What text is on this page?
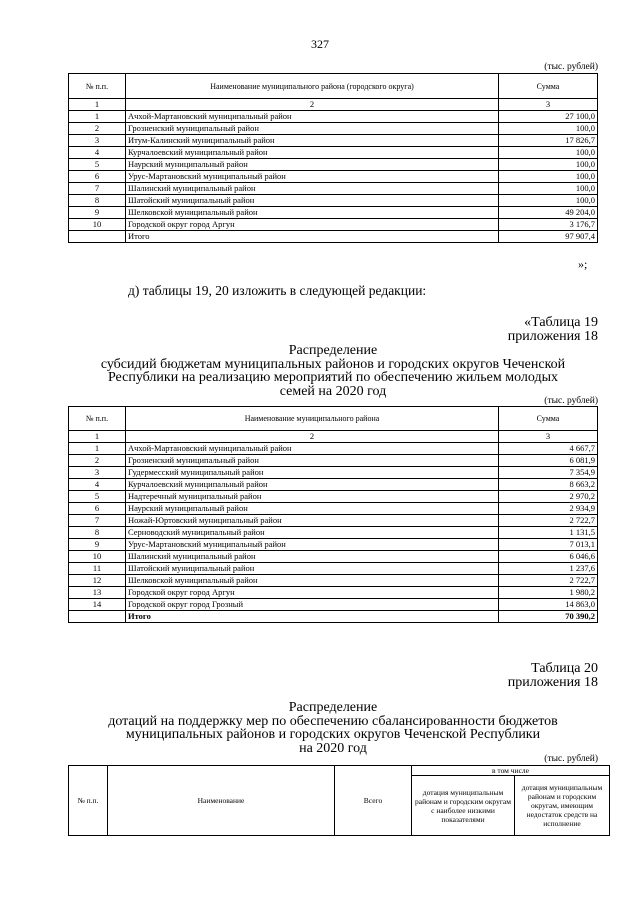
327
(тыс. рублей)
№ п.п.	Наименование муниципального района (городского округа)	Сумма
1	2	3
1	Ачхой-Мартановский муниципальный район	27 100,0
2	Грозненский муниципальный район	100,0
3	Итум-Калинский муниципальный район	17 826,7
4	Курчалоевский муниципальный район	100,0
5	Наурский муниципальный район	100,0
6	Урус-Мартановский муниципальный район	100,0
7	Шалинский муниципальный район	100,0
8	Шатойский муниципальный район	100,0
9	Шелковской муниципальный район	49 204,0
10	Городской округ город Аргун	3 176,7
	Итого	97 907,4
»;
д) таблицы 19, 20 изложить в следующей редакции:
«Таблица 19
приложения 18
Распределение
субсидий бюджетам муниципальных районов и городских округов Чеченской
Республики на реализацию мероприятий по обеспечению жильем молодых
семей на 2020 год
(тыс. рублей)
№ п.п.	Наименование муниципального района	Сумма
1	2	3
1	Ачхой-Мартановский муниципальный район	4 667,7
2	Грозненский муниципальный район	6 081,9
3	Гудермесский муниципальный район	7 354,9
4	Курчалоевский муниципальный район	8 663,2
5	Надтеречный муниципальный район	2 970,2
6	Наурский муниципальный район	2 934,9
7	Ножай-Юртовский муниципальный район	2 722,7
8	Серноводский муниципальный район	1 131,5
9	Урус-Мартановский муниципальный район	7 013,1
10	Шалинский муниципальный район	6 046,6
11	Шатойский муниципальный район	1 237,6
12	Шелковской муниципальный район	2 722,7
13	Городской округ город Аргун	1 980,2
14	Городской округ город Грозный	14 863,0
	Итого	70 390,2
Таблица 20
приложения 18
Распределение
дотаций на поддержку мер по обеспечению сбалансированности бюджетов
муниципальных районов и городских округов Чеченской Республики
на 2020 год
(тыс. рублей)
№ п.п.	Наименование	Всего	в том числе	
			дотация муниципальным районам и городским округам с наиболее низкими показателями	дотация муниципальным районам и городским округам, имеющим недостаток средств на исполнение
